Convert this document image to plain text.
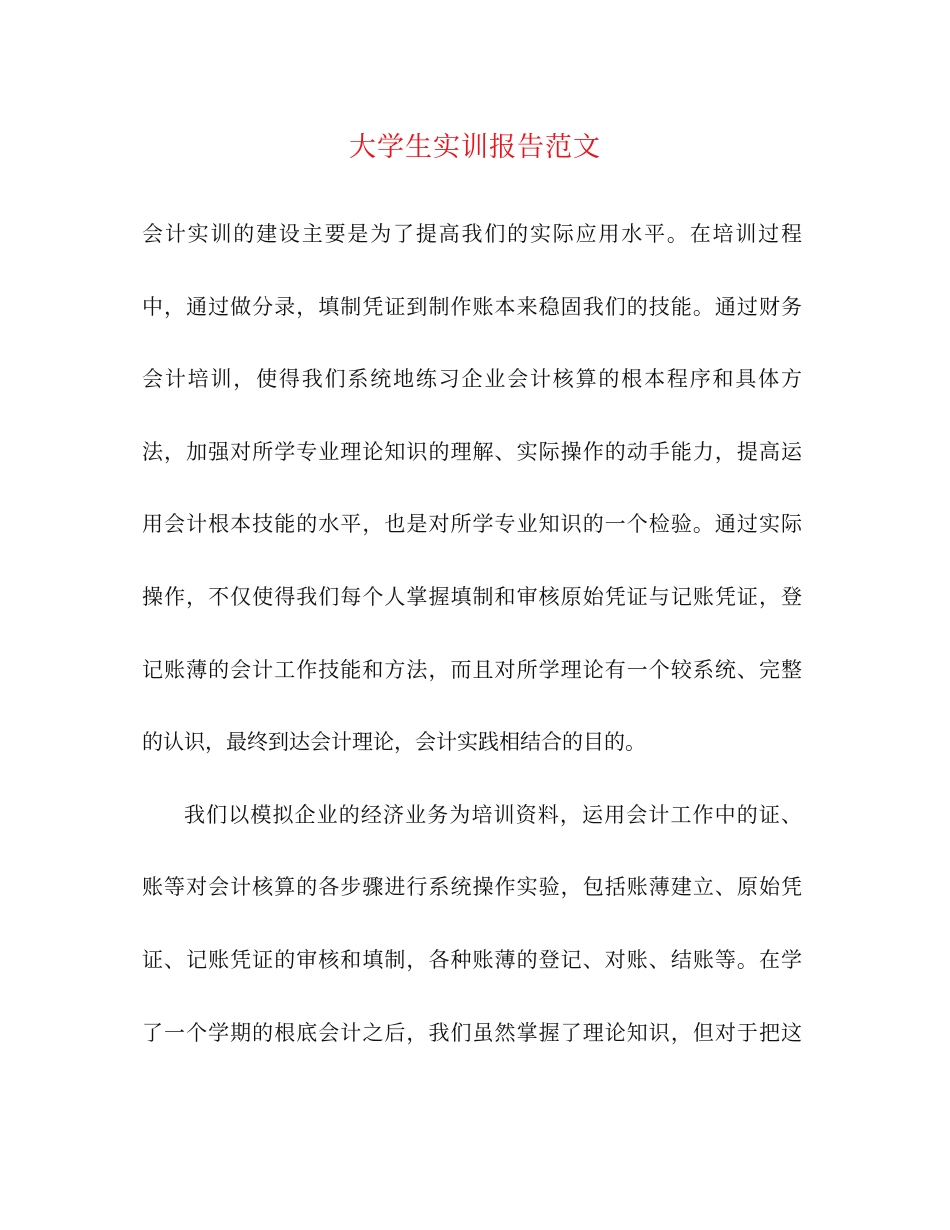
大学生实训报告范文
会计实训的建设主要是为了提高我们的实际应用水平。在培训过程
中，通过做分录，填制凭证到制作账本来稳固我们的技能。通过财务
会计培训，使得我们系统地练习企业会计核算的根本程序和具体方
法，加强对所学专业理论知识的理解、实际操作的动手能力，提高运
用会计根本技能的水平，也是对所学专业知识的一个检验。通过实际
操作，不仅使得我们每个人掌握填制和审核原始凭证与记账凭证，登
记账薄的会计工作技能和方法，而且对所学理论有一个较系统、完整
的认识，最终到达会计理论，会计实践相结合的目的。
我们以模拟企业的经济业务为培训资料，运用会计工作中的证、
账等对会计核算的各步骤进行系统操作实验，包括账薄建立、原始凭
证、记账凭证的审核和填制，各种账薄的登记、对账、结账等。在学
了一个学期的根底会计之后，我们虽然掌握了理论知识，但对于把这
